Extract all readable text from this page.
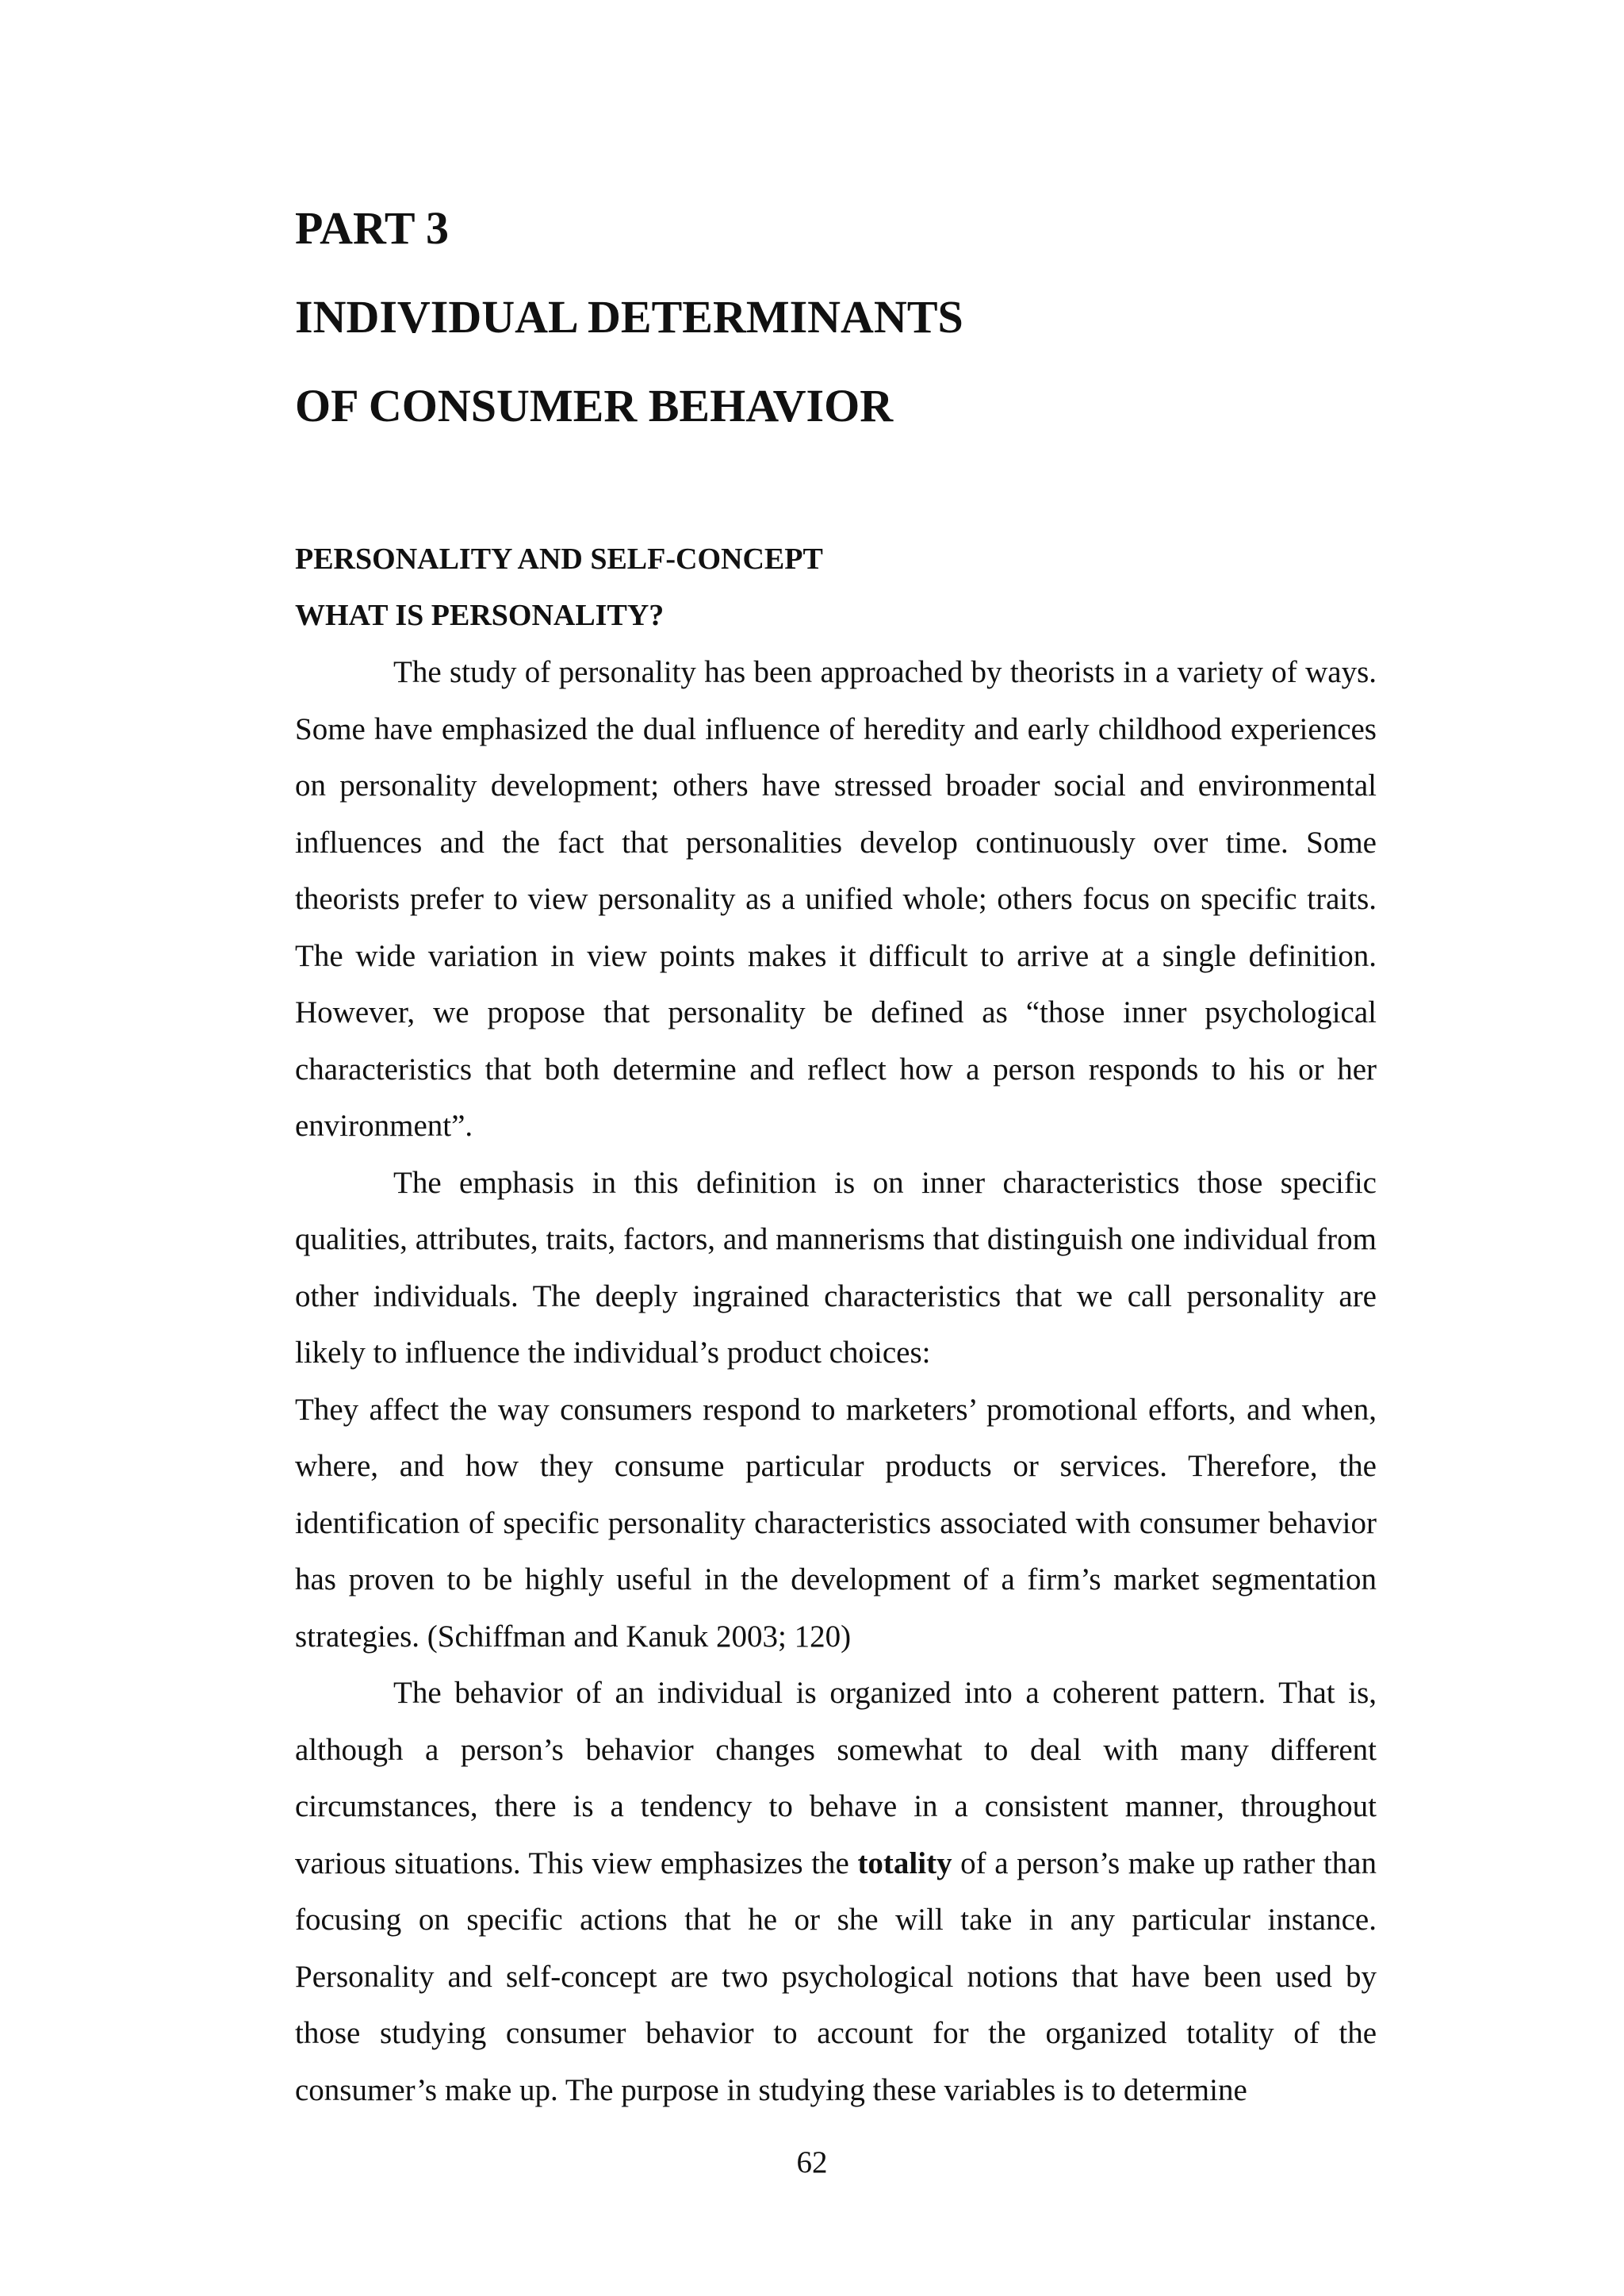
PART 3
INDIVIDUAL DETERMINANTS
OF CONSUMER BEHAVIOR
PERSONALITY AND SELF-CONCEPT
WHAT IS PERSONALITY?

The study of personality has been approached by theorists in a variety of ways. Some have emphasized the dual influence of heredity and early childhood experiences on personality development; others have stressed broader social and environmental influences and the fact that personalities develop continuously over time. Some theorists prefer to view personality as a unified whole; others focus on specific traits. The wide variation in view points makes it difficult to arrive at a single definition. However, we propose that personality be defined as “those inner psychological characteristics that both determine and reflect how a person responds to his or her environment”.

The emphasis in this definition is on inner characteristics those specific qualities, attributes, traits, factors, and mannerisms that distinguish one individual from other individuals. The deeply ingrained characteristics that we call personality are likely to influence the individual’s product choices:

They affect the way consumers respond to marketers’ promotional efforts, and when, where, and how they consume particular products or services. Therefore, the identification of specific personality characteristics associated with consumer behavior has proven to be highly useful in the development of a firm’s market segmentation strategies. (Schiffman and Kanuk 2003; 120)

The behavior of an individual is organized into a coherent pattern. That is, although a person’s behavior changes somewhat to deal with many different circumstances, there is a tendency to behave in a consistent manner, throughout various situations. This view emphasizes the totality of a person’s make up rather than focusing on specific actions that he or she will take in any particular instance. Personality and self-concept are two psychological notions that have been used by those studying consumer behavior to account for the organized totality of the consumer’s make up. The purpose in studying these variables is to determine

62
